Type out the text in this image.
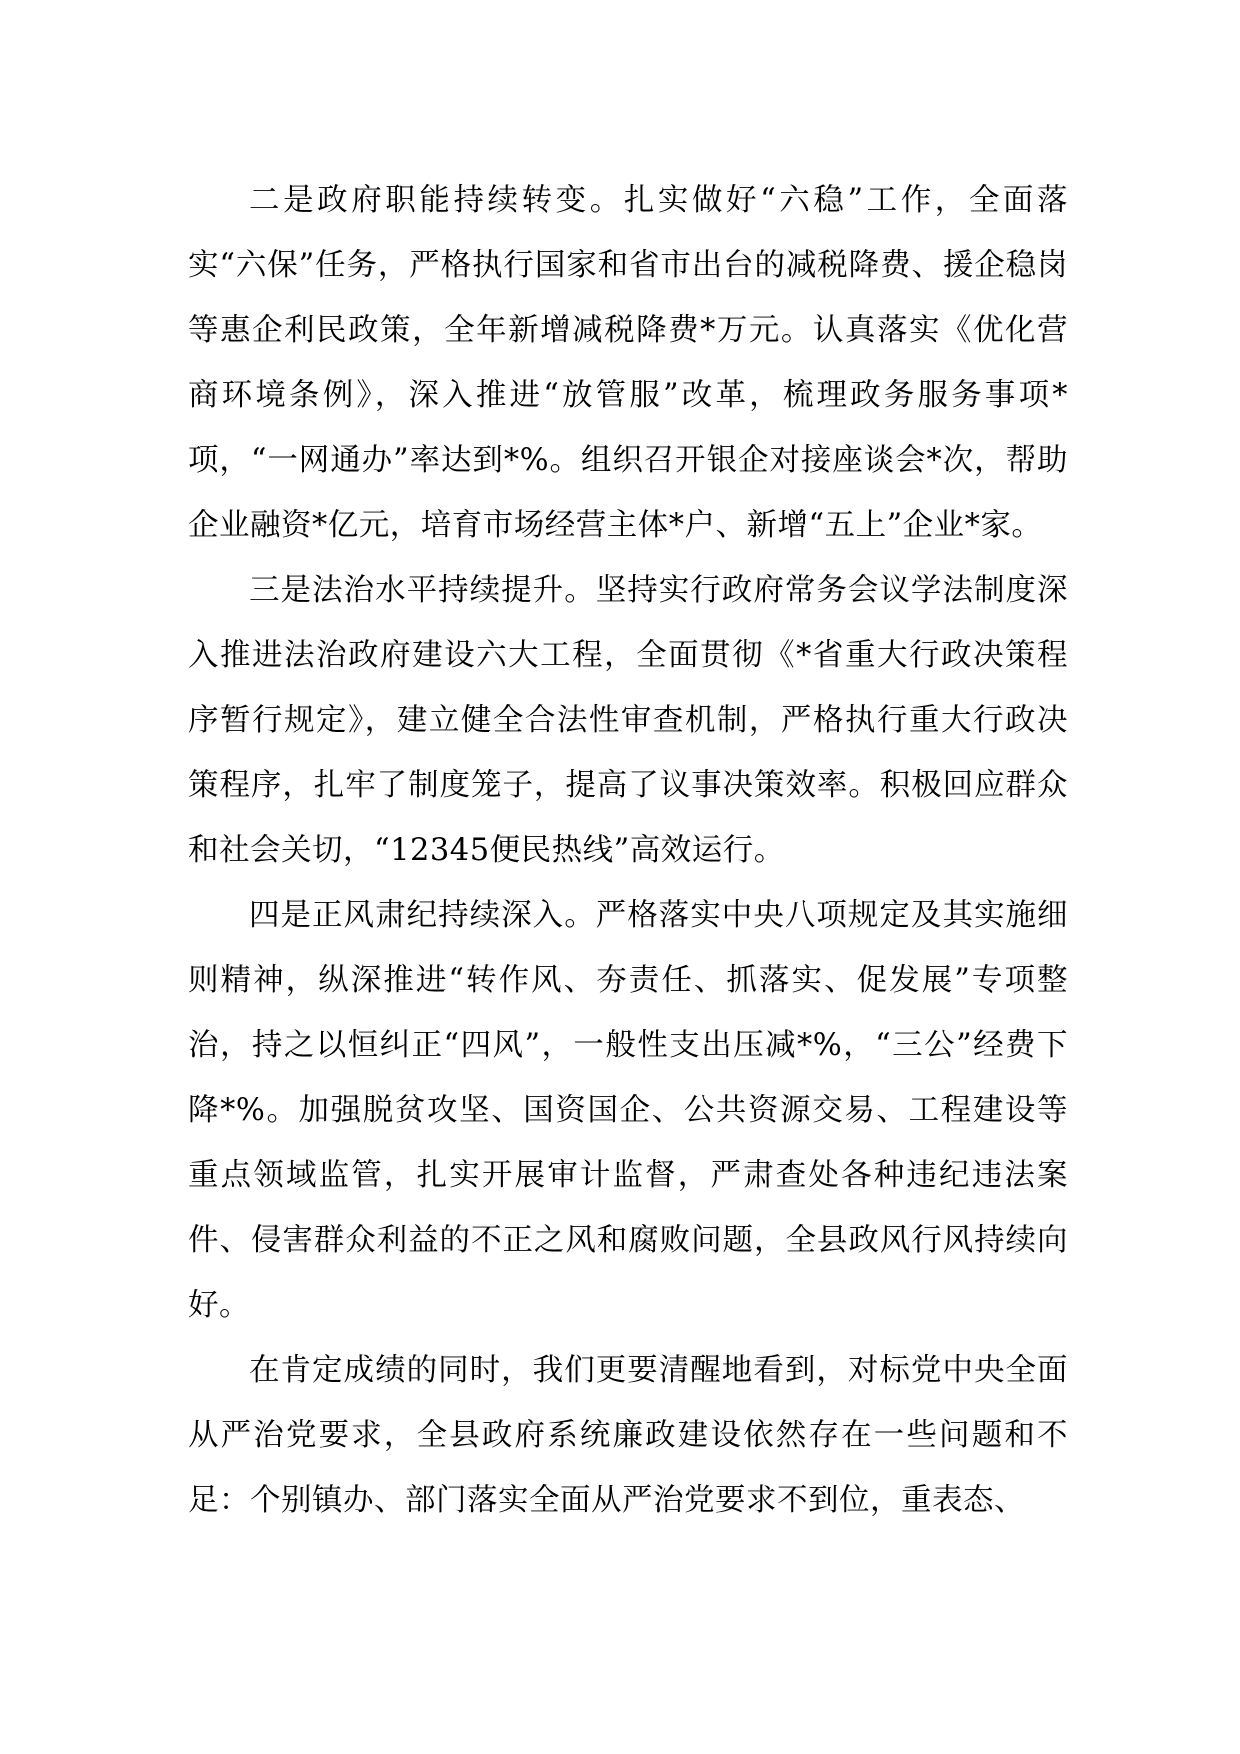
二是政府职能持续转变。扎实做好“六稳”工作，全面落实“六保”任务，严格执行国家和省市出台的减税降费、援企稳岗等惠企利民政策，全年新增减税降费*万元。认真落实《优化营商环境条例》，深入推进“放管服”改革，梳理政务服务事项*项，“一网通办”率达到*%。组织召开银企对接座谈会*次，帮助企业融资*亿元，培育市场经营主体*户、新增“五上”企业*家。

三是法治水平持续提升。坚持实行政府常务会议学法制度深入推进法治政府建设六大工程，全面贯彻《*省重大行政决策程序暂行规定》，建立健全合法性审查机制，严格执行重大行政决策程序，扎牢了制度笼子，提高了议事决策效率。积极回应群众和社会关切，“12345便民热线”高效运行。

四是正风肃纪持续深入。严格落实中央八项规定及其实施细则精神，纵深推进“转作风、夯责任、抓落实、促发展”专项整治，持之以恒纠正“四风”，一般性支出压减*%，“三公”经费下降*%。加强脱贫攻坚、国资国企、公共资源交易、工程建设等重点领域监管，扎实开展审计监督，严肃查处各种违纪违法案件、侵害群众利益的不正之风和腐败问题，全县政风行风持续向好。

在肯定成绩的同时，我们更要清醒地看到，对标党中央全面从严治党要求，全县政府系统廉政建设依然存在一些问题和不足：个别镇办、部门落实全面从严治党要求不到位，重表态、
